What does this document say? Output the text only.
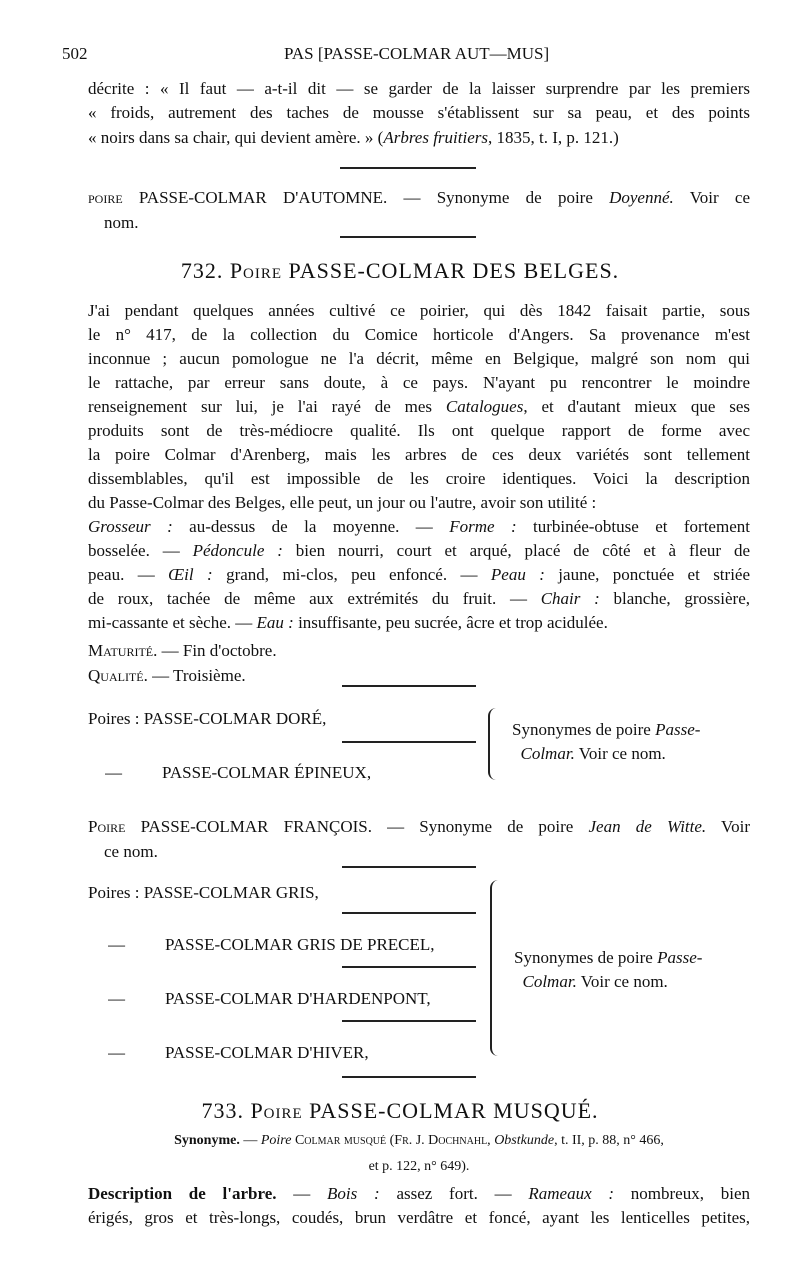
502	PAS [PASSE-COLMAR AUT—MUS]
décrite : « Il faut — a-t-il dit — se garder de la laisser surprendre par les premiers
« froids, autrement des taches de mousse s'établissent sur sa peau, et des points
« noirs dans sa chair, qui devient amère. » (Arbres fruitiers, 1835, t. I, p. 121.)
poire PASSE-COLMAR D'AUTOMNE. — Synonyme de poire Doyenné. Voir ce
nom.
J'ai pendant quelques années cultivé ce poirier, qui dès 1842 faisait partie, sous
le n° 417, de la collection du Comice horticole d'Angers. Sa provenance m'est
inconnue ; aucun pomologue ne l'a décrit, même en Belgique, malgré son nom qui
le rattache, par erreur sans doute, à ce pays. N'ayant pu rencontrer le moindre
renseignement sur lui, je l'ai rayé de mes Catalogues, et d'autant mieux que ses
produits sont de très-médiocre qualité. Ils ont quelque rapport de forme avec
la poire Colmar d'Arenberg, mais les arbres de ces deux variétés sont tellement
dissemblables, qu'il est impossible de les croire identiques. Voici la description
du Passe-Colmar des Belges, elle peut, un jour ou l'autre, avoir son utilité :
Grosseur : au-dessus de la moyenne. — Forme : turbinée-obtuse et fortement
bosselée. — Pédoncule : bien nourri, court et arqué, placé de côté et à fleur de
peau. — Œil : grand, mi-clos, peu enfoncé. — Peau : jaune, ponctuée et striée
de roux, tachée de même aux extrémités du fruit. — Chair : blanche, grossière,
mi-cassante et sèche. — Eau : insuffisante, peu sucrée, âcre et trop acidulée.
Maturité. — Fin d'octobre.
Qualité. — Troisième.
Poire PASSE-COLMAR FRANÇOIS. — Synonyme de poire Jean de Witte. Voir
ce nom.
Synonyme. — Poire Colmar musqué (Fr. J. Dochnahl, Obstkunde, t. II, p. 88, n° 466,
et p. 122, n° 649).
Description de l'arbre. — Bois : assez fort. — Rameaux : nombreux, bien
érigés, gros et très-longs, coudés, brun verdâtre et foncé, ayant les lenticelles petites,
732. Poire PASSE-COLMAR DES BELGES.
Poires : PASSE-COLMAR DORÉ,
—	PASSE-COLMAR ÉPINEUX,
Synonymes de poire Passe-
Colmar. Voir ce nom.
Poires : PASSE-COLMAR GRIS,
—	PASSE-COLMAR GRIS DE PRECEL,
—	PASSE-COLMAR D'HARDENPONT,
—	PASSE-COLMAR D'HIVER,
Synonymes de poire Passe-
Colmar. Voir ce nom.
733. Poire PASSE-COLMAR MUSQUÉ.
